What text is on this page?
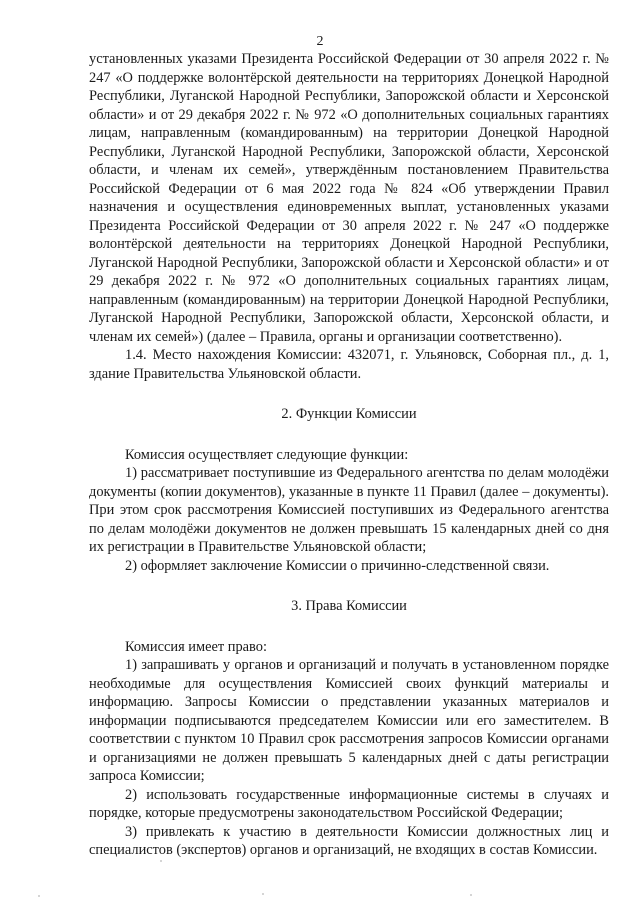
2

установленных указами Президента Российской Федерации от 30 апреля 2022 г. № 247 «О поддержке волонтёрской деятельности на территориях Донецкой Народной Республики, Луганской Народной Республики, Запорожской области и Херсонской области» и от 29 декабря 2022 г. № 972 «О дополнительных социальных гарантиях лицам, направленным (командированным) на территории Донецкой Народной Республики, Луганской Народной Республики, Запорожской области, Херсонской области, и членам их семей», утверждённым постановлением Правительства Российской Федерации от 6 мая 2022 года № 824 «Об утверждении Правил назначения и осуществления единовременных выплат, установленных указами Президента Российской Федерации от 30 апреля 2022 г. № 247 «О поддержке волонтёрской деятельности на территориях Донецкой Народной Республики, Луганской Народной Республики, Запорожской области и Херсонской области» и от 29 декабря 2022 г. № 972 «О дополнительных социальных гарантиях лицам, направленным (командированным) на территории Донецкой Народной Республики, Луганской Народной Республики, Запорожской области, Херсонской области, и членам их семей») (далее – Правила, органы и организации соответственно).

1.4. Место нахождения Комиссии: 432071, г. Ульяновск, Соборная пл., д. 1, здание Правительства Ульяновской области.

2. Функции Комиссии

Комиссия осуществляет следующие функции:

1) рассматривает поступившие из Федерального агентства по делам молодёжи документы (копии документов), указанные в пункте 11 Правил (далее – документы). При этом срок рассмотрения Комиссией поступивших из Федерального агентства по делам молодёжи документов не должен превышать 15 календарных дней со дня их регистрации в Правительстве Ульяновской области;

2) оформляет заключение Комиссии о причинно-следственной связи.

3. Права Комиссии

Комиссия имеет право:

1) запрашивать у органов и организаций и получать в установленном порядке необходимые для осуществления Комиссией своих функций материалы и информацию. Запросы Комиссии о представлении указанных материалов и информации подписываются председателем Комиссии или его заместителем. В соответствии с пунктом 10 Правил срок рассмотрения запросов Комиссии органами и организациями не должен превышать 5 календарных дней с даты регистрации запроса Комиссии;

2) использовать государственные информационные системы в случаях и порядке, которые предусмотрены законодательством Российской Федерации;

3) привлекать к участию в деятельности Комиссии должностных лиц и специалистов (экспертов) органов и организаций, не входящих в состав Комиссии.
